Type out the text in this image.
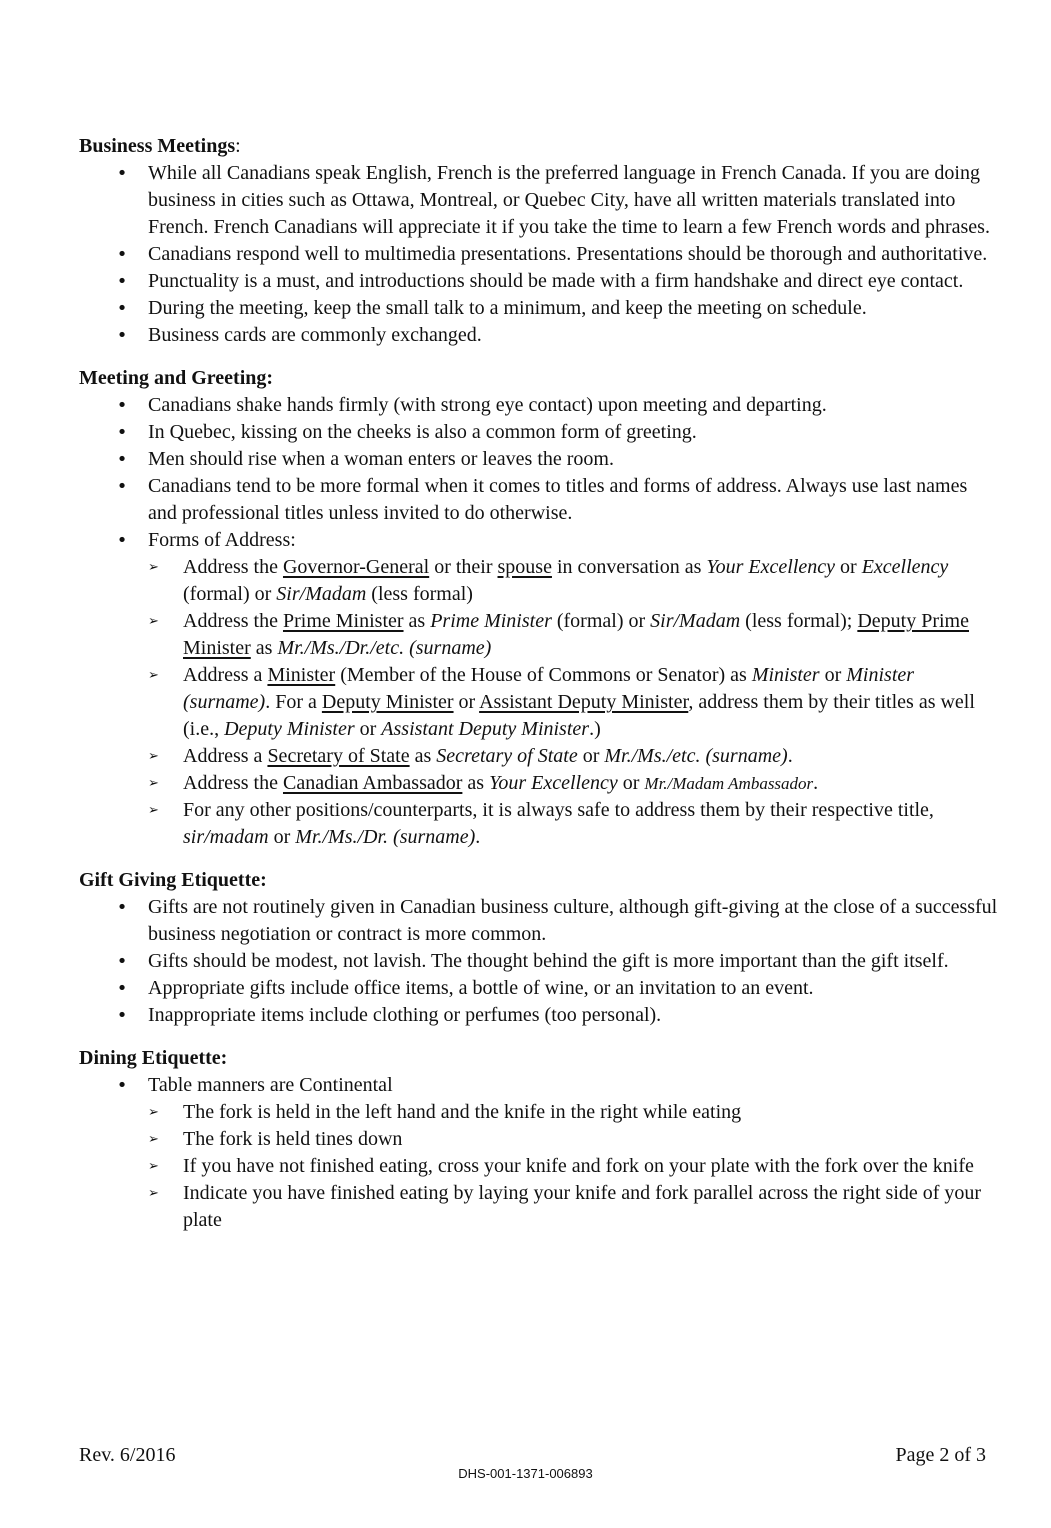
Business Meetings:
• While all Canadians speak English, French is the preferred language in French Canada. If you are doing business in cities such as Ottawa, Montreal, or Quebec City, have all written materials translated into French. French Canadians will appreciate it if you take the time to learn a few French words and phrases.
• Canadians respond well to multimedia presentations. Presentations should be thorough and authoritative.
• Punctuality is a must, and introductions should be made with a firm handshake and direct eye contact.
• During the meeting, keep the small talk to a minimum, and keep the meeting on schedule.
• Business cards are commonly exchanged.
Meeting and Greeting:
• Canadians shake hands firmly (with strong eye contact) upon meeting and departing.
• In Quebec, kissing on the cheeks is also a common form of greeting.
• Men should rise when a woman enters or leaves the room.
• Canadians tend to be more formal when it comes to titles and forms of address. Always use last names and professional titles unless invited to do otherwise.
• Forms of Address:
➢	Address the Governor-General or their spouse in conversation as Your Excellency or Excellency (formal) or Sir/Madam (less formal)
➢	Address the Prime Minister as Prime Minister (formal) or Sir/Madam (less formal); Deputy Prime Minister as Mr./Ms./Dr./etc. (surname)
➢	Address a Minister (Member of the House of Commons or Senator) as Minister or Minister (surname). For a Deputy Minister or Assistant Deputy Minister, address them by their titles as well (i.e., Deputy Minister or Assistant Deputy Minister.)
➢	Address a Secretary of State as Secretary of State or Mr./Ms./etc. (surname).
➢	Address the Canadian Ambassador as Your Excellency or Mr./Madam Ambassador.
➢	For any other positions/counterparts, it is always safe to address them by their respective title, sir/madam or Mr./Ms./Dr. (surname).
Gift Giving Etiquette:
• Gifts are not routinely given in Canadian business culture, although gift-giving at the close of a successful business negotiation or contract is more common.
• Gifts should be modest, not lavish. The thought behind the gift is more important than the gift itself.
• Appropriate gifts include office items, a bottle of wine, or an invitation to an event.
• Inappropriate items include clothing or perfumes (too personal).
Dining Etiquette:
• Table manners are Continental
➢	The fork is held in the left hand and the knife in the right while eating
➢	The fork is held tines down
➢	If you have not finished eating, cross your knife and fork on your plate with the fork over the knife
➢	Indicate you have finished eating by laying your knife and fork parallel across the right side of your plate
Rev. 6/2016	Page 2 of 3
DHS-001-1371-006893
